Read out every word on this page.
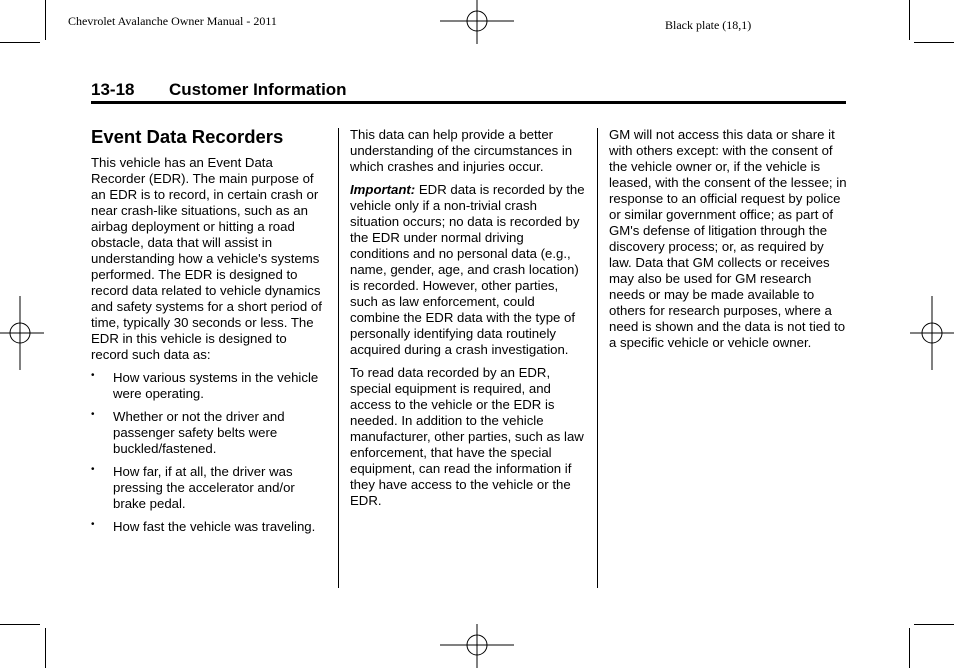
Chevrolet Avalanche Owner Manual - 2011	Black plate (18,1)
13-18 Customer Information
Event Data Recorders

This vehicle has an Event Data Recorder (EDR). The main purpose of an EDR is to record, in certain crash or near crash-like situations, such as an airbag deployment or hitting a road obstacle, data that will assist in understanding how a vehicle's systems performed. The EDR is designed to record data related to vehicle dynamics and safety systems for a short period of time, typically 30 seconds or less. The EDR in this vehicle is designed to record such data as:

• How various systems in the vehicle were operating.
• Whether or not the driver and passenger safety belts were buckled/fastened.
• How far, if at all, the driver was pressing the accelerator and/or brake pedal.
• How fast the vehicle was traveling.

This data can help provide a better understanding of the circumstances in which crashes and injuries occur.

Important: EDR data is recorded by the vehicle only if a non-trivial crash situation occurs; no data is recorded by the EDR under normal driving conditions and no personal data (e.g., name, gender, age, and crash location) is recorded. However, other parties, such as law enforcement, could combine the EDR data with the type of personally identifying data routinely acquired during a crash investigation.

To read data recorded by an EDR, special equipment is required, and access to the vehicle or the EDR is needed. In addition to the vehicle manufacturer, other parties, such as law enforcement, that have the special equipment, can read the information if they have access to the vehicle or the EDR.

GM will not access this data or share it with others except: with the consent of the vehicle owner or, if the vehicle is leased, with the consent of the lessee; in response to an official request by police or similar government office; as part of GM's defense of litigation through the discovery process; or, as required by law. Data that GM collects or receives may also be used for GM research needs or may be made available to others for research purposes, where a need is shown and the data is not tied to a specific vehicle or vehicle owner.
